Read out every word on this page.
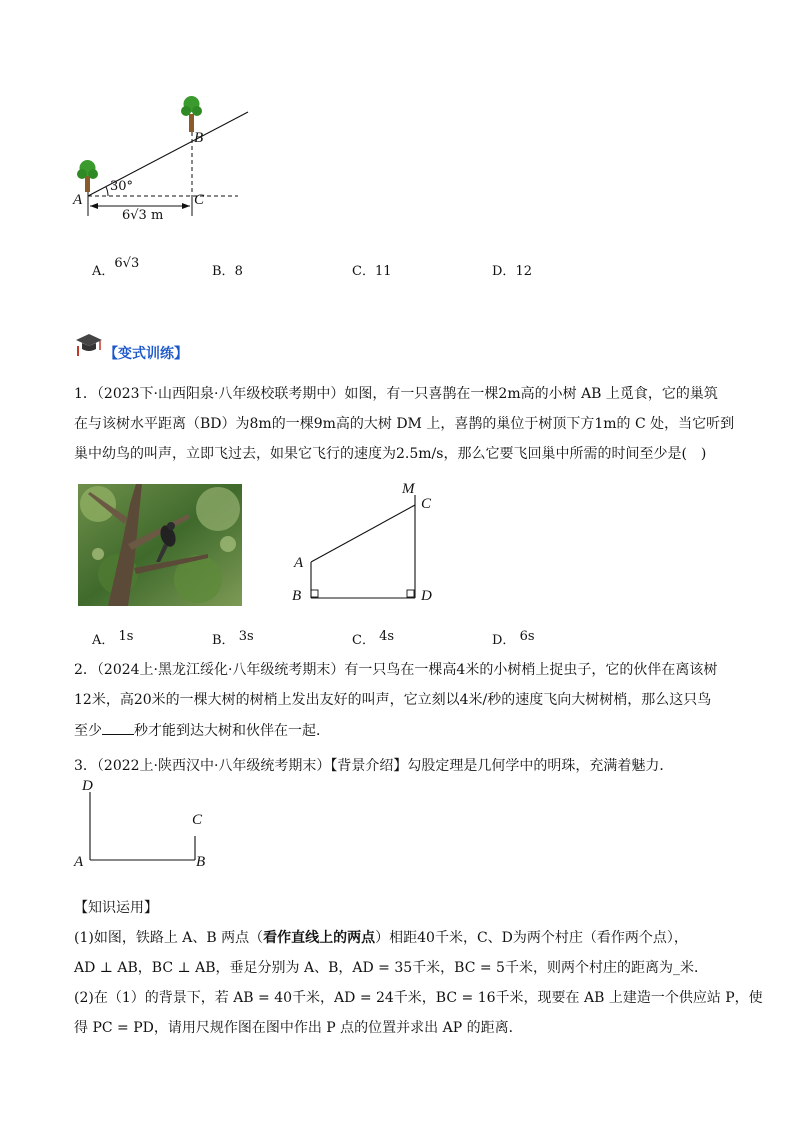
30°
A
B
C
6√3 m
A．6√3
B．8	C．11	D．12
【变式训练】
1．（2023下·山西阳泉·八年级校联考期中）如图，有一只喜鹊在一棵2m高的小树 AB 上觅食，它的巢筑
在与该树水平距离（BD）为8m的一棵9m高的大树 DM 上，喜鹊的巢位于树顶下方1m的 C 处，当它听到
巢中幼鸟的叫声，立即飞过去，如果它飞行的速度为2.5m/s，那么它要飞回巢中所需的时间至少是(　)
M
C
A
B	D
A． 1s	B． 3s	C． 4s	D． 6s
2．（2024上·黑龙江绥化·八年级统考期末）有一只鸟在一棵高4米的小树梢上捉虫子，它的伙伴在离该树
12米，高20米的一棵大树的树梢上发出友好的叫声，它立刻以4米/秒的速度飞向大树树梢，那么这只鸟
至少 秒才能到达大树和伙伴在一起．
3．（2022上·陕西汉中·八年级统考期末）【背景介绍】勾股定理是几何学中的明珠，充满着魅力．
D
C
A	B
【知识运用】
(1)如图，铁路上 A、B 两点（看作直线上的两点）相距40千米，C、D为两个村庄（看作两个点），
AD ⊥ AB，BC ⊥ AB，垂足分别为 A、B，AD = 35千米，BC = 5千米，则两个村庄的距离为_米．
(2)在（1）的背景下，若 AB = 40千米，AD = 24千米，BC = 16千米，现要在 AB 上建造一个供应站 P，使
得 PC = PD，请用尺规作图在图中作出 P 点的位置并求出 AP 的距离．
